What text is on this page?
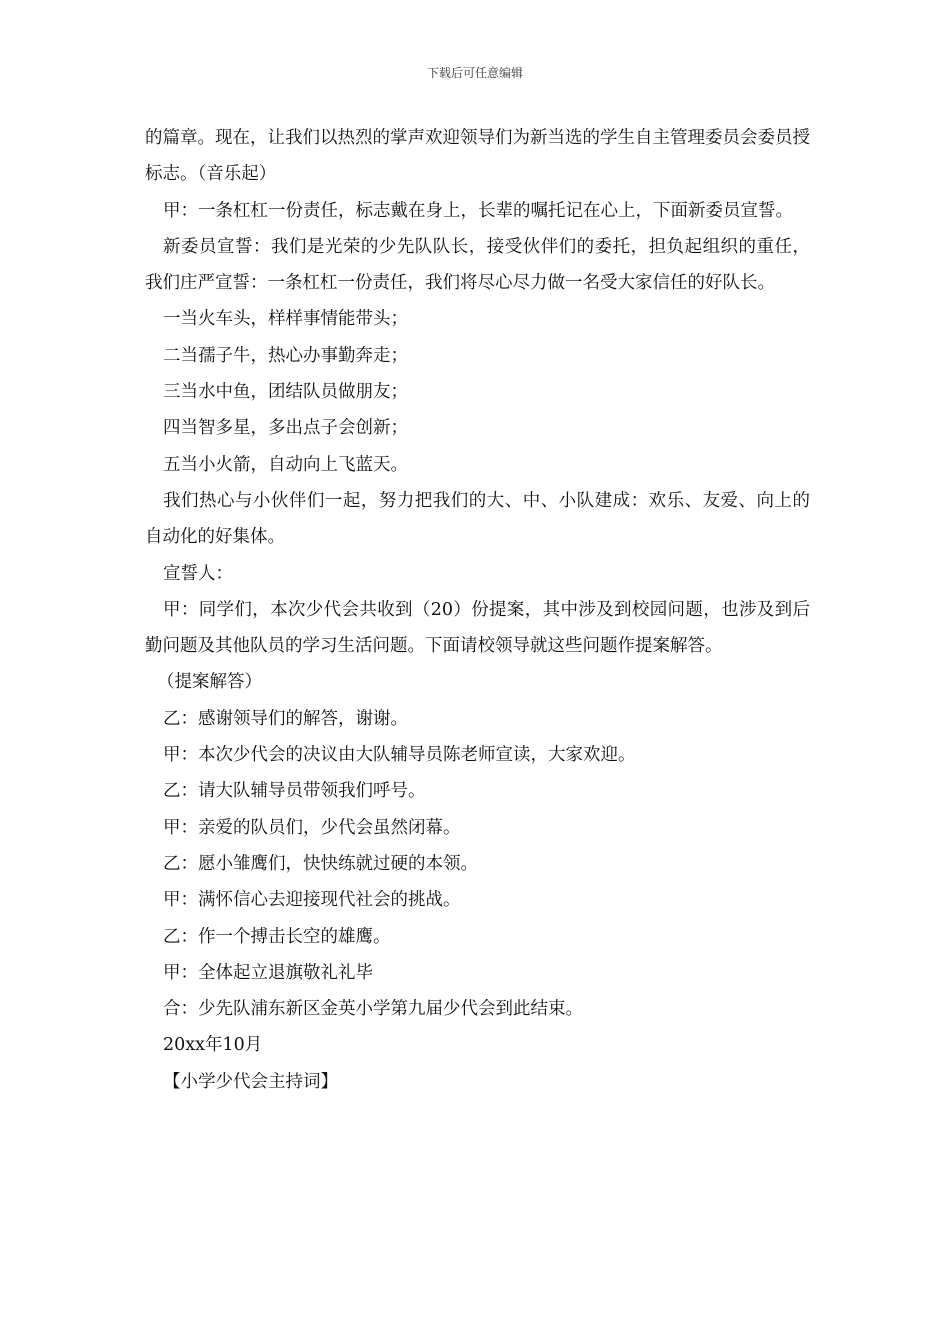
下载后可任意编辑

的篇章。现在，让我们以热烈的掌声欢迎领导们为新当选的学生自主管理委员会委员授标志。（音乐起）

甲：一条杠杠一份责任，标志戴在身上，长辈的嘱托记在心上，下面新委员宣誓。

新委员宣誓：我们是光荣的少先队队长，接受伙伴们的委托，担负起组织的重任，我们庄严宣誓：一条杠杠一份责任，我们将尽心尽力做一名受大家信任的好队长。

一当火车头，样样事情能带头；

二当孺子牛，热心办事勤奔走；

三当水中鱼，团结队员做朋友；

四当智多星，多出点子会创新；

五当小火箭，自动向上飞蓝天。

我们热心与小伙伴们一起，努力把我们的大、中、小队建成：欢乐、友爱、向上的自动化的好集体。

宣誓人：

甲：同学们，本次少代会共收到（20）份提案，其中涉及到校园问题，也涉及到后勤问题及其他队员的学习生活问题。下面请校领导就这些问题作提案解答。

（提案解答）

乙：感谢领导们的解答，谢谢。

甲：本次少代会的决议由大队辅导员陈老师宣读，大家欢迎。

乙：请大队辅导员带领我们呼号。

甲：亲爱的队员们，少代会虽然闭幕。

乙：愿小雏鹰们，快快练就过硬的本领。

甲：满怀信心去迎接现代社会的挑战。

乙：作一个搏击长空的雄鹰。

甲：全体起立退旗敬礼礼毕

合：少先队浦东新区金英小学第九届少代会到此结束。

20xx年10月

【小学少代会主持词】
